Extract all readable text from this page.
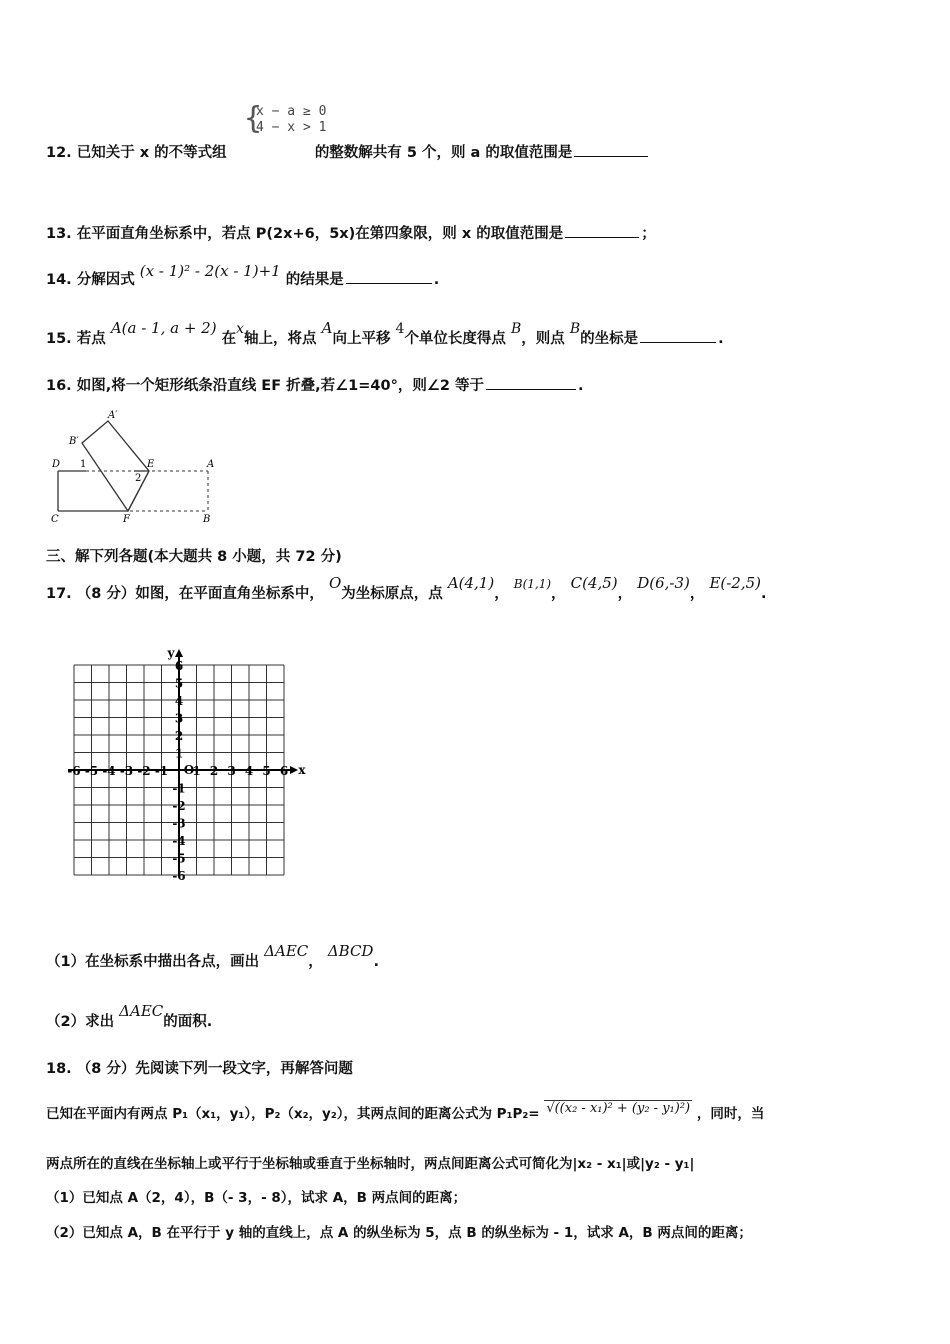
{
x − a ≥ 0
4 − x > 1
12. 已知关于 x 的不等式组	的整数解共有 5 个，则 a 的取值范围是
13. 在平面直角坐标系中，若点 P(2x+6，5x)在第四象限，则 x 的取值范围是	；
14. 分解因式 (x - 1)² - 2(x - 1)+1 的结果是	.
15. 若点 A(a - 1, a + 2) 在x轴上，将点 A向上平移 4个单位长度得点 B，则点 B的坐标是	.
16. 如图,将一个矩形纸条沿直线 EF 折叠,若∠1=40°，则∠2 等于	.
A′
B′
D 1	E	A
2
C	F	B
三、解下列各题(本大题共 8 小题，共 72 分)
17. （8 分）如图，在平面直角坐标系中， O为坐标原点，点 A(4,1)， $^{B(1,1)}$， C(4,5)， D(6,-3)， E(-2,5).
-6 -5 -4 -3 -2 -1 1 2 3 4 5 6
6
5
4
3
2
1
-1
-2
-3
-4
-5
-6
O	x
y
（1）在坐标系中描出各点，画出 ΔAEC， ΔBCD.
（2）求出 ΔAEC的面积.
18. （8 分）先阅读下列一段文字，再解答问题
已知在平面内有两点 P₁（x₁，y₁），P₂（x₂，y₂），其两点间的距离公式为 P₁P₂= √((x₂ - x₁)² + (y₂ - y₁)²) ，同时，当
两点所在的直线在坐标轴上或平行于坐标轴或垂直于坐标轴时，两点间距离公式可简化为|x₂ - x₁|或|y₂ - y₁|
（1）已知点 A（2，4），B（- 3，- 8），试求 A，B 两点间的距离；
（2）已知点 A，B 在平行于 y 轴的直线上，点 A 的纵坐标为 5，点 B 的纵坐标为 - 1，试求 A，B 两点间的距离；
